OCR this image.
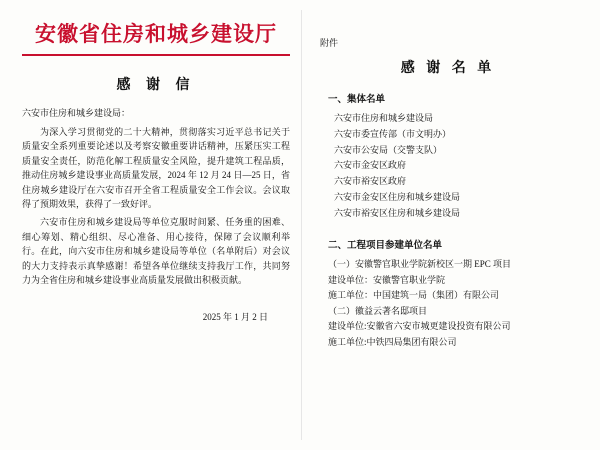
安徽省住房和城乡建设厅
感 谢 信
六安市住房和城乡建设局：

为深入学习贯彻党的二十大精神，贯彻落实习近平总书记关于质量安全系列重要论述以及考察安徽重要讲话精神，压紧压实工程质量安全责任，防范化解工程质量安全风险，提升建筑工程品质，推动住房城乡建设事业高质量发展，2024 年 12 月 24 日—25 日，省住房城乡建设厅在六安市召开全省工程质量安全工作会议。会议取得了预期效果，获得了一致好评。

六安市住房和城乡建设局等单位克服时间紧、任务重的困难、细心筹划、精心组织、尽心准备、用心接待，保障了会议顺利举行。在此，向六安市住房和城乡建设局等单位（名单附后）对会议的大力支持表示真挚感谢！希望各单位继续支持我厅工作，共同努力为全省住房和城乡建设事业高质量发展做出积极贡献。

2025 年 1 月 2 日
附件
感 谢 名 单
一、集体名单
六安市住房和城乡建设局
六安市委宣传部（市文明办）
六安市公安局（交警支队）
六安市金安区政府
六安市裕安区政府
六安市金安区住房和城乡建设局
六安市裕安区住房和城乡建设局
二、工程项目参建单位名单
（一）安徽警官职业学院新校区一期 EPC 项目
建设单位：安徽警官职业学院
施工单位：中国建筑一局（集团）有限公司
（二）徽益云著名邸项目
建设单位:安徽省六安市城更建设投资有限公司
施工单位:中铁四局集团有限公司
